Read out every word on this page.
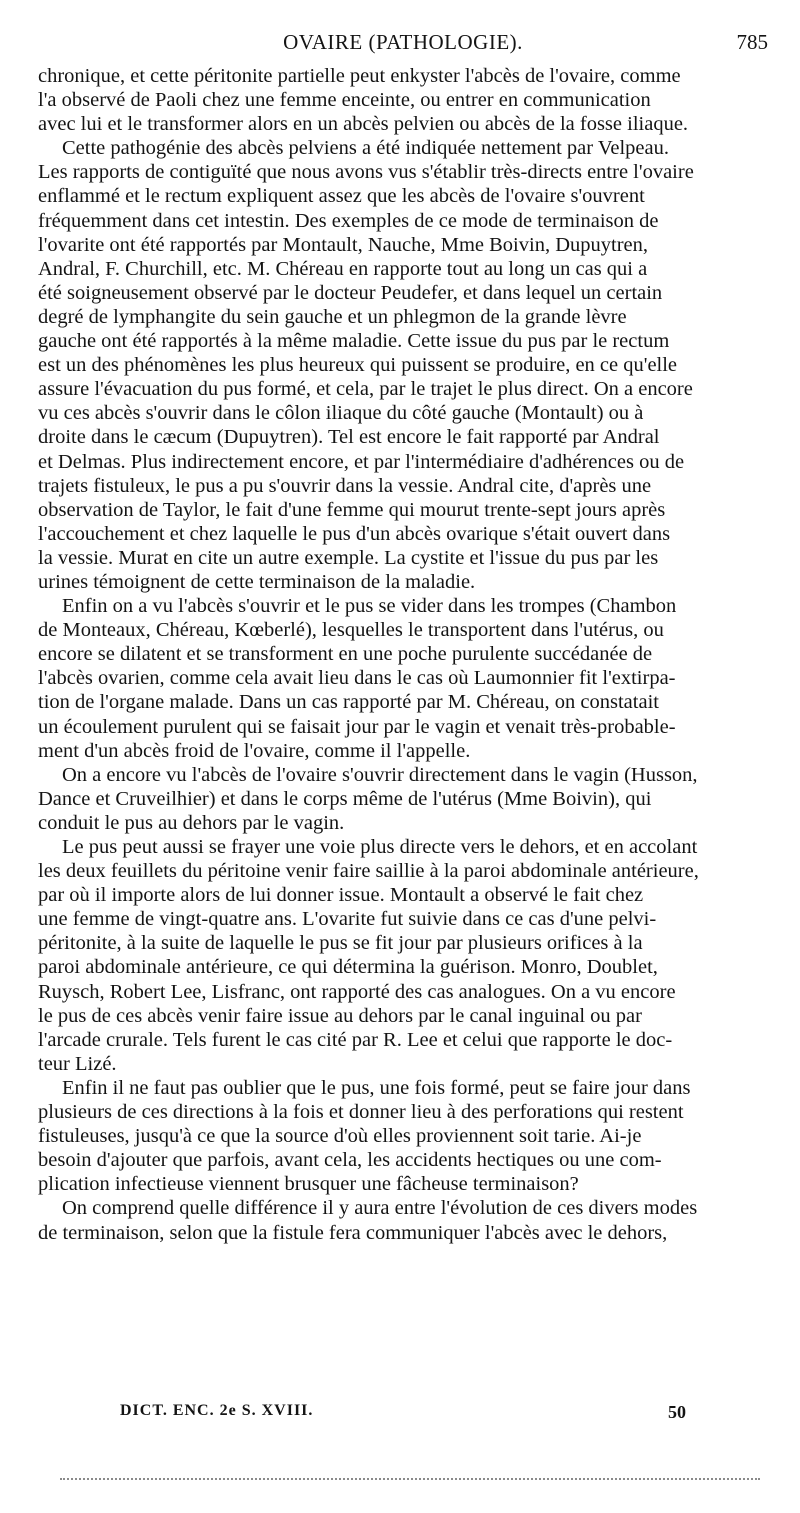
OVAIRE (PATHOLOGIE).	785

chronique, et cette péritonite partielle peut enkyster l'abcès de l'ovaire, comme
l'a observé de Paoli chez une femme enceinte, ou entrer en communication
avec lui et le transformer alors en un abcès pelvien ou abcès de la fosse iliaque.

Cette pathogénie des abcès pelviens a été indiquée nettement par Velpeau.
Les rapports de contiguïté que nous avons vus s'établir très-directs entre l'ovaire
enflammé et le rectum expliquent assez que les abcès de l'ovaire s'ouvrent
fréquemment dans cet intestin. Des exemples de ce mode de terminaison de
l'ovarite ont été rapportés par Montault, Nauche, Mme Boivin, Dupuytren,
Andral, F. Churchill, etc. M. Chéreau en rapporte tout au long un cas qui a
été soigneusement observé par le docteur Peudefer, et dans lequel un certain
degré de lymphangite du sein gauche et un phlegmon de la grande lèvre
gauche ont été rapportés à la même maladie. Cette issue du pus par le rectum
est un des phénomènes les plus heureux qui puissent se produire, en ce qu'elle
assure l'évacuation du pus formé, et cela, par le trajet le plus direct. On a encore
vu ces abcès s'ouvrir dans le côlon iliaque du côté gauche (Montault) ou à
droite dans le cæcum (Dupuytren). Tel est encore le fait rapporté par Andral
et Delmas. Plus indirectement encore, et par l'intermédiaire d'adhérences ou de
trajets fistuleux, le pus a pu s'ouvrir dans la vessie. Andral cite, d'après une
observation de Taylor, le fait d'une femme qui mourut trente-sept jours après
l'accouchement et chez laquelle le pus d'un abcès ovarique s'était ouvert dans
la vessie. Murat en cite un autre exemple. La cystite et l'issue du pus par les
urines témoignent de cette terminaison de la maladie.

Enfin on a vu l'abcès s'ouvrir et le pus se vider dans les trompes (Chambon
de Monteaux, Chéreau, Kœberlé), lesquelles le transportent dans l'utérus, ou
encore se dilatent et se transforment en une poche purulente succédanée de
l'abcès ovarien, comme cela avait lieu dans le cas où Laumonnier fit l'extirpa-
tion de l'organe malade. Dans un cas rapporté par M. Chéreau, on constatait
un écoulement purulent qui se faisait jour par le vagin et venait très-probable-
ment d'un abcès froid de l'ovaire, comme il l'appelle.

On a encore vu l'abcès de l'ovaire s'ouvrir directement dans le vagin (Husson,
Dance et Cruveilhier) et dans le corps même de l'utérus (Mme Boivin), qui
conduit le pus au dehors par le vagin.

Le pus peut aussi se frayer une voie plus directe vers le dehors, et en accolant
les deux feuillets du péritoine venir faire saillie à la paroi abdominale antérieure,
par où il importe alors de lui donner issue. Montault a observé le fait chez
une femme de vingt-quatre ans. L'ovarite fut suivie dans ce cas d'une pelvi-
péritonite, à la suite de laquelle le pus se fit jour par plusieurs orifices à la
paroi abdominale antérieure, ce qui détermina la guérison. Monro, Doublet,
Ruysch, Robert Lee, Lisfranc, ont rapporté des cas analogues. On a vu encore
le pus de ces abcès venir faire issue au dehors par le canal inguinal ou par
l'arcade crurale. Tels furent le cas cité par R. Lee et celui que rapporte le doc-
teur Lizé.

Enfin il ne faut pas oublier que le pus, une fois formé, peut se faire jour dans
plusieurs de ces directions à la fois et donner lieu à des perforations qui restent
fistuleuses, jusqu'à ce que la source d'où elles proviennent soit tarie. Ai-je
besoin d'ajouter que parfois, avant cela, les accidents hectiques ou une com-
plication infectieuse viennent brusquer une fâcheuse terminaison?

On comprend quelle différence il y aura entre l'évolution de ces divers modes
de terminaison, selon que la fistule fera communiquer l'abcès avec le dehors,

DICT. ENC. 2e S. XVIII.	50
